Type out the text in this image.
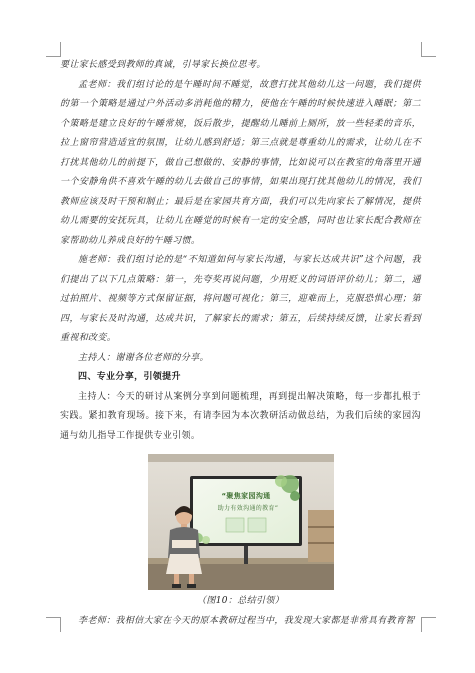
要让家长感受到教师的真诚，引导家长换位思考。

孟老师：我们组讨论的是午睡时间不睡觉，故意打扰其他幼儿这一问题，我们提供的第一个策略是通过户外活动多消耗他的精力，使他在午睡的时候快速进入睡眠；第二个策略是建立良好的午睡常规，饭后散步，提醒幼儿睡前上厕所，放一些轻柔的音乐，拉上窗帘营造适宜的氛围，让幼儿感到舒适；第三点就是尊重幼儿的需求，让幼儿在不打扰其他幼儿的前提下，做自己想做的、安静的事情，比如说可以在教室的角落里开通一个安静角供不喜欢午睡的幼儿去做自己的事情，如果出现打扰其他幼儿的情况，我们教师应该及时干预和制止；最后是在家园共育方面，我们可以先向家长了解情况，提供幼儿需要的安抚玩具，让幼儿在睡觉的时候有一定的安全感，同时也让家长配合教师在家帮助幼儿养成良好的午睡习惯。

施老师：我们组讨论的是“不知道如何与家长沟通，与家长达成共识”这个问题，我们提出了以下几点策略：第一，先夸奖再说问题，少用贬义的词语评价幼儿；第二，通过拍照片、视频等方式保留证据，将问题可视化；第三，迎难而上，克服恐惧心理；第四，与家长及时沟通，达成共识，了解家长的需求；第五，后续持续反馈，让家长看到重视和改变。

主持人：谢谢各位老师的分享。

四、专业分享，引领提升

主持人：今天的研讨从案例分享到问题梳理，再到提出解决策略，每一步都扎根于实践。紧扣教育现场。接下来，有请李园为本次教研活动做总结，为我们后续的家园沟通与幼儿指导工作提供专业引领。

“聚焦家园沟通
助力有效沟通的教育”

（图10：总结引领）

李老师：我相信大家在今天的原本教研过程当中，我发现大家都是非常具有教育智
